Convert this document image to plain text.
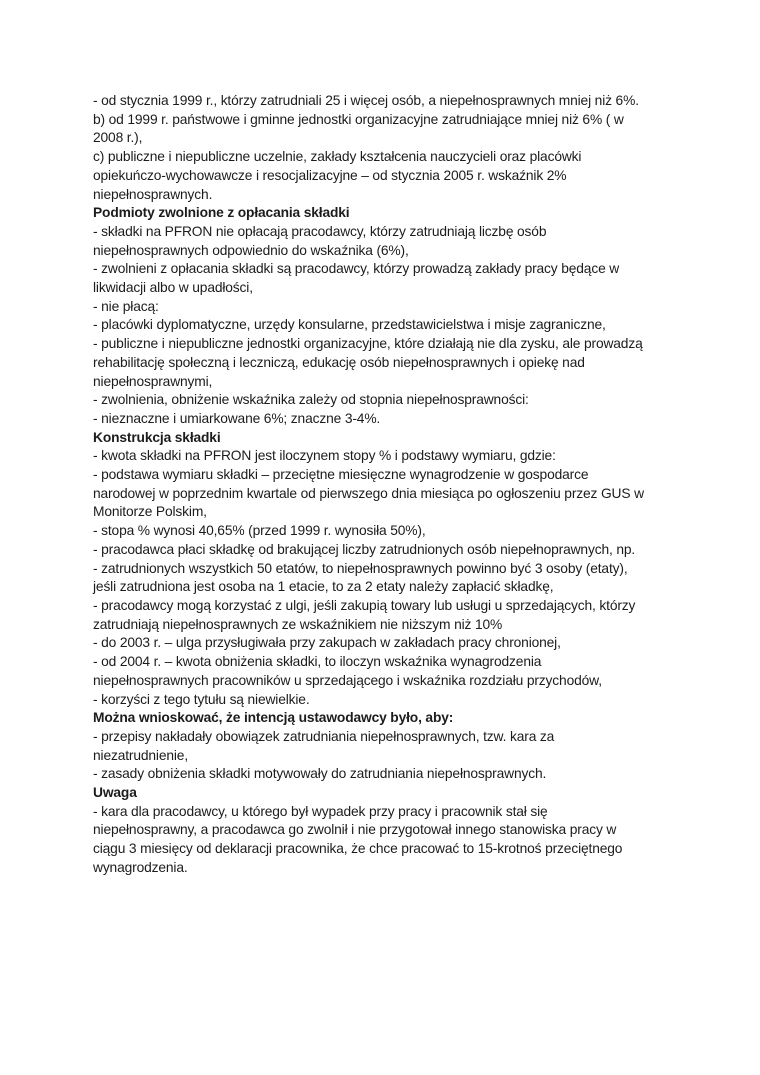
- od stycznia 1999 r., którzy zatrudniali 25 i więcej osób, a niepełnosprawnych mniej niż 6%.
b) od 1999 r. państwowe i gminne jednostki organizacyjne zatrudniające mniej niż 6% ( w
2008 r.),
c) publiczne i niepubliczne uczelnie, zakłady kształcenia nauczycieli oraz placówki
opiekuńczo-wychowawcze i resocjalizacyjne – od stycznia 2005 r. wskaźnik 2%
niepełnosprawnych.
Podmioty zwolnione z opłacania składki
- składki na PFRON nie opłacają pracodawcy, którzy zatrudniają liczbę osób
niepełnosprawnych odpowiednio do wskaźnika (6%),
- zwolnieni z opłacania składki są pracodawcy, którzy prowadzą zakłady pracy będące w
likwidacji albo w upadłości,
- nie płacą:
- placówki dyplomatyczne, urzędy konsularne, przedstawicielstwa i misje zagraniczne,
- publiczne i niepubliczne jednostki organizacyjne, które działają nie dla zysku, ale prowadzą
rehabilitację społeczną i leczniczą, edukację osób niepełnosprawnych i opiekę nad
niepełnosprawnymi,
- zwolnienia, obniżenie wskaźnika zależy od stopnia niepełnosprawności:
- nieznaczne i umiarkowane 6%; znaczne 3-4%.
Konstrukcja składki
- kwota składki na PFRON jest iloczynem stopy % i podstawy wymiaru, gdzie:
- podstawa wymiaru składki – przeciętne miesięczne wynagrodzenie w gospodarce
narodowej w poprzednim kwartale od pierwszego dnia miesiąca po ogłoszeniu przez GUS w
Monitorze Polskim,
- stopa % wynosi 40,65% (przed 1999 r. wynosiła 50%),
- pracodawca płaci składkę od brakującej liczby zatrudnionych osób niepełnoprawnych, np.
- zatrudnionych wszystkich 50 etatów, to niepełnosprawnych powinno być 3 osoby (etaty),
jeśli zatrudniona jest osoba na 1 etacie, to za 2 etaty należy zapłacić składkę,
- pracodawcy mogą korzystać z ulgi, jeśli zakupią towary lub usługi u sprzedających, którzy
zatrudniają niepełnosprawnych ze wskaźnikiem nie niższym niż 10%
- do 2003 r. – ulga przysługiwała przy zakupach w zakładach pracy chronionej,
- od 2004 r. – kwota obniżenia składki, to iloczyn wskaźnika wynagrodzenia
niepełnosprawnych pracowników u sprzedającego i wskaźnika rozdziału przychodów,
- korzyści z tego tytułu są niewielkie.
Można wnioskować, że intencją ustawodawcy było, aby:
- przepisy nakładały obowiązek zatrudniania niepełnosprawnych, tzw. kara za
niezatrudnienie,
- zasady obniżenia składki motywowały do zatrudniania niepełnosprawnych.
Uwaga
- kara dla pracodawcy, u którego był wypadek przy pracy i pracownik stał się
niepełnosprawny, a pracodawca go zwolnił i nie przygotował innego stanowiska pracy w
ciągu 3 miesięcy od deklaracji pracownika, że chce pracować to 15-krotnoś przeciętnego
wynagrodzenia.
